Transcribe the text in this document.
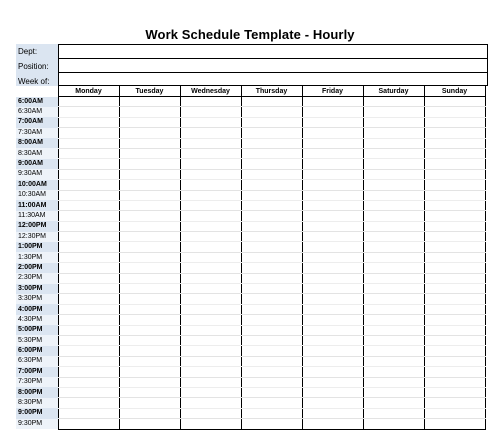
Work Schedule Template - Hourly
Dept:
Position:
Week of:
	Monday	Tuesday	Wednesday	Thursday	Friday	Saturday	Sunday
6:00AM							
6:30AM							
7:00AM							
7:30AM							
8:00AM							
8:30AM							
9:00AM							
9:30AM							
10:00AM							
10:30AM							
11:00AM							
11:30AM							
12:00PM							
12:30PM							
1:00PM							
1:30PM							
2:00PM							
2:30PM							
3:00PM							
3:30PM							
4:00PM							
4:30PM							
5:00PM							
5:30PM							
6:00PM							
6:30PM							
7:00PM							
7:30PM							
8:00PM							
8:30PM							
9:00PM							
9:30PM							
